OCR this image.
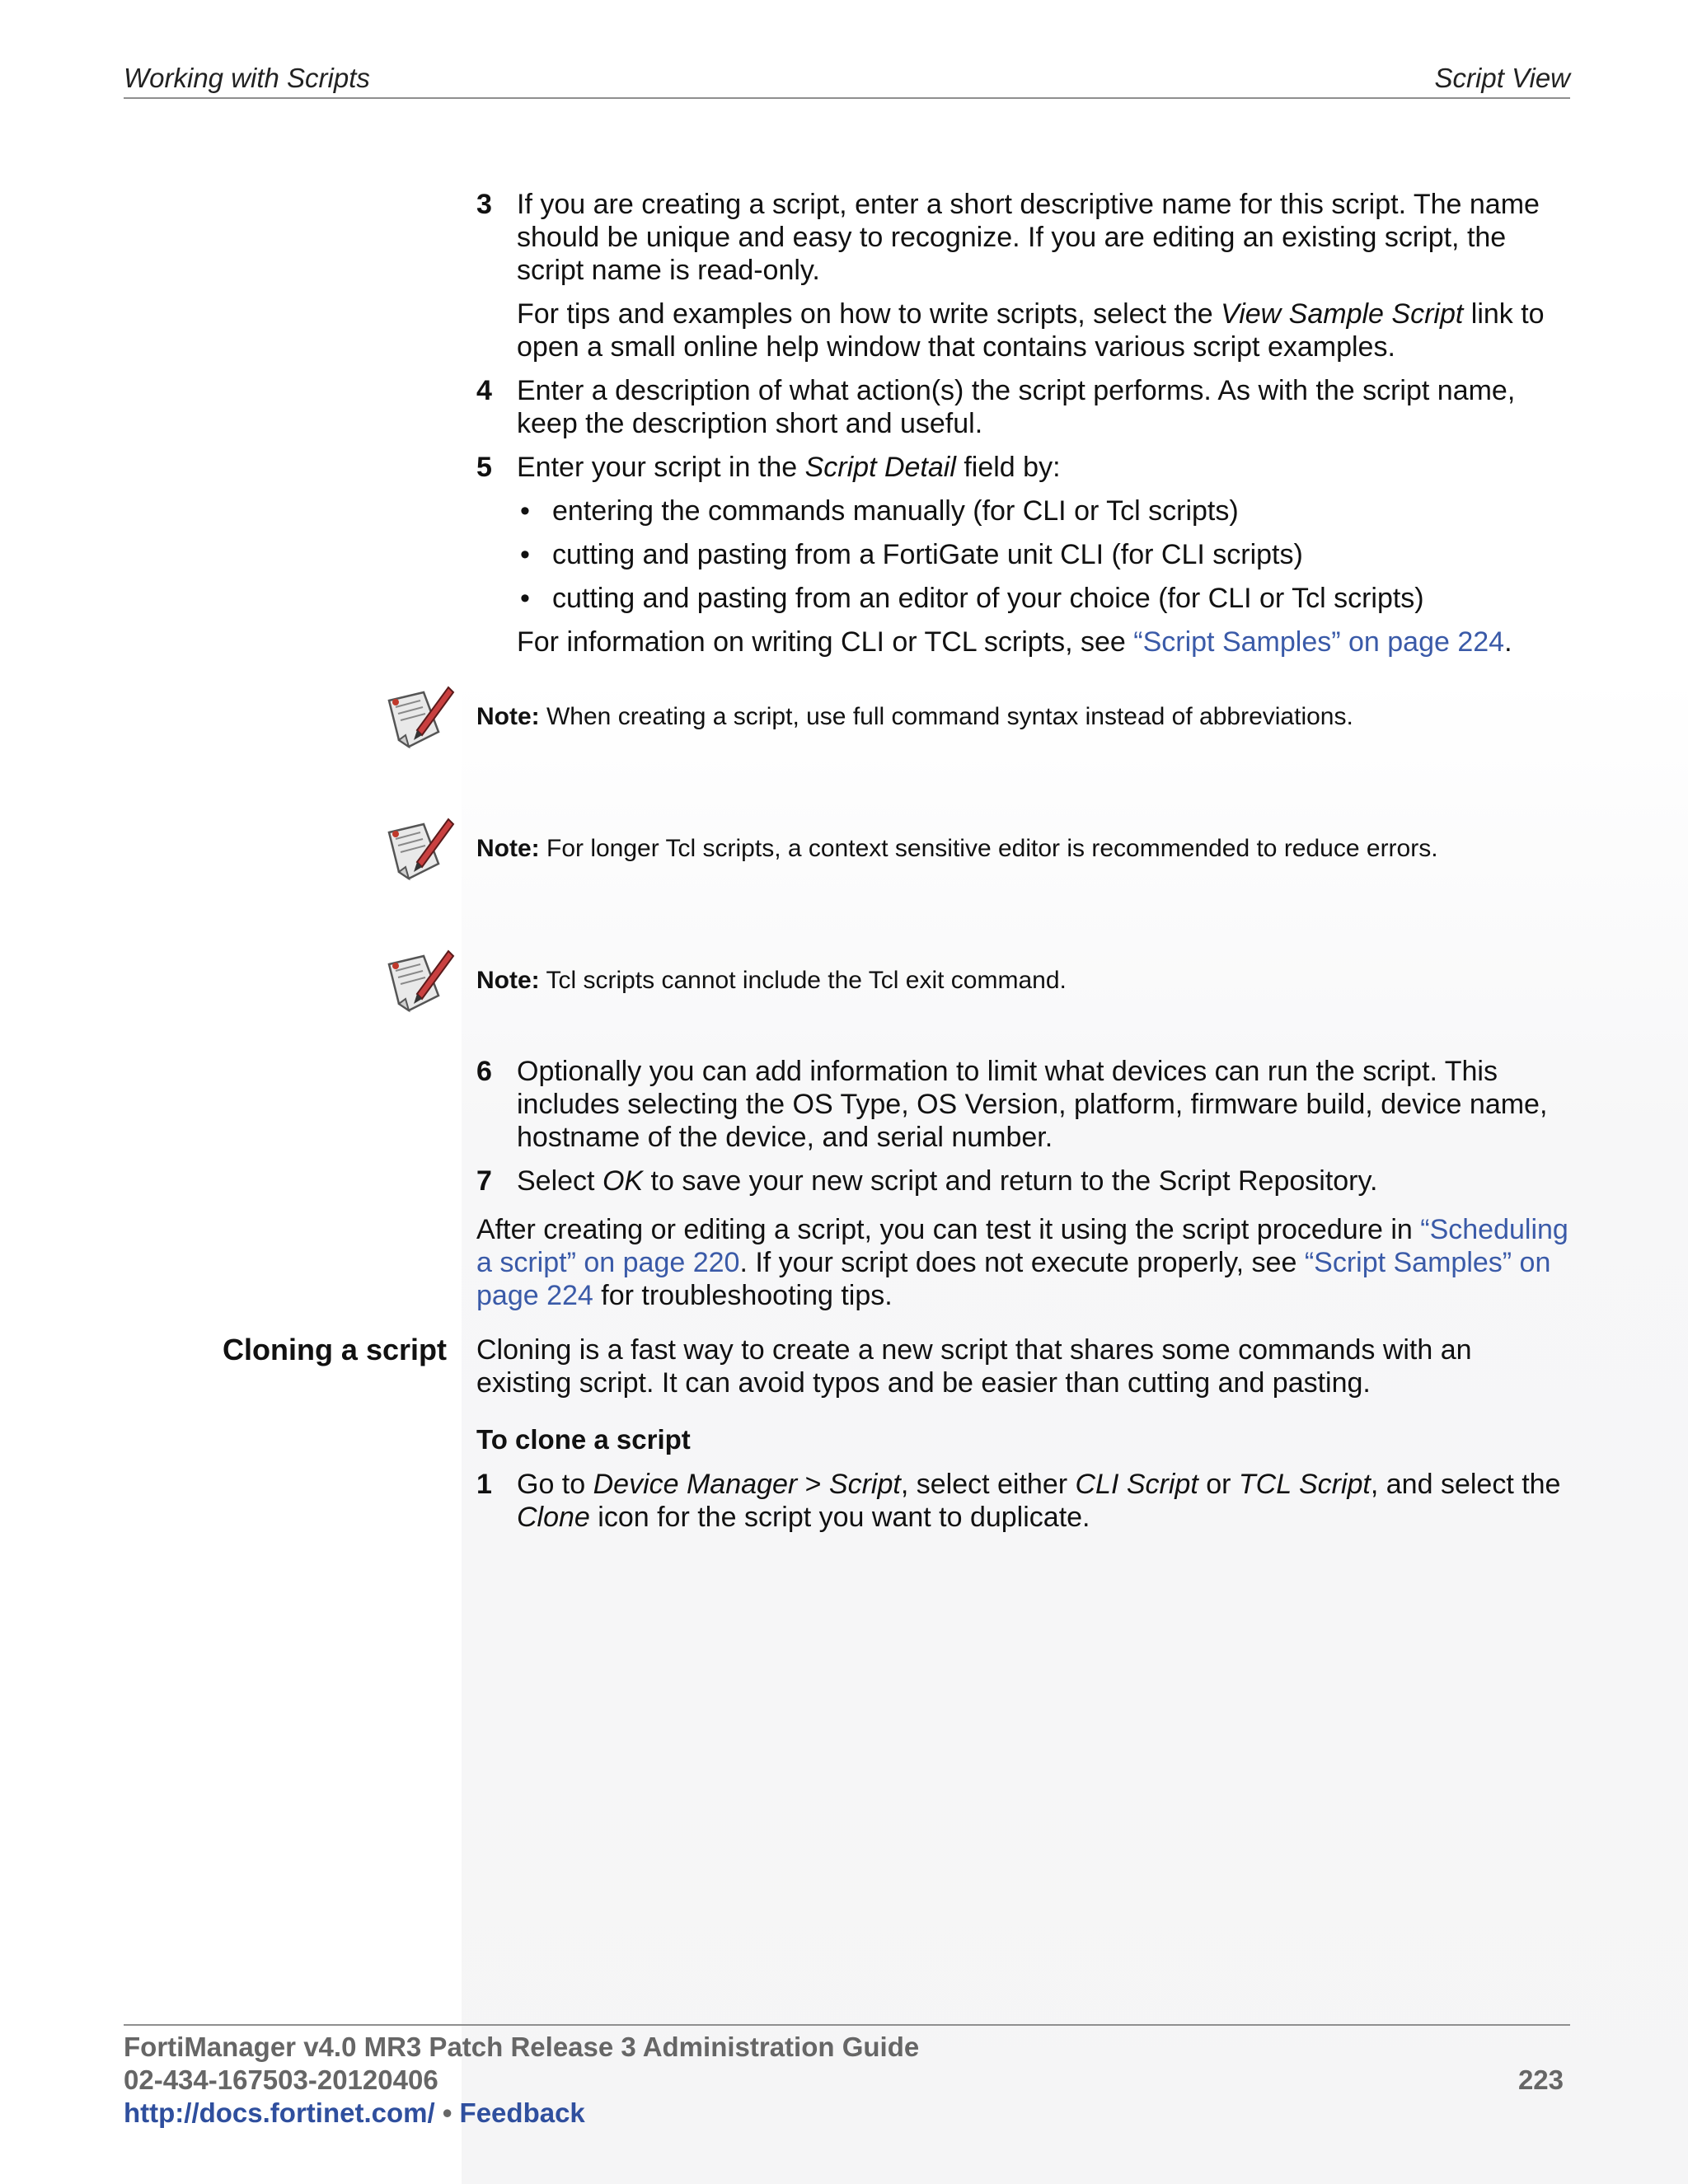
Working with Scripts	Script View
3 If you are creating a script, enter a short descriptive name for this script. The name should be unique and easy to recognize. If you are editing an existing script, the script name is read-only.

For tips and examples on how to write scripts, select the View Sample Script link to open a small online help window that contains various script examples.

4 Enter a description of what action(s) the script performs. As with the script name, keep the description short and useful.

5 Enter your script in the Script Detail field by:

• entering the commands manually (for CLI or Tcl scripts)
• cutting and pasting from a FortiGate unit CLI (for CLI scripts)
• cutting and pasting from an editor of your choice (for CLI or Tcl scripts)

For information on writing CLI or TCL scripts, see “Script Samples” on page 224.

Note: When creating a script, use full command syntax instead of abbreviations.
Note: For longer Tcl scripts, a context sensitive editor is recommended to reduce errors.
Note: Tcl scripts cannot include the Tcl exit command.
6 Optionally you can add information to limit what devices can run the script. This includes selecting the OS Type, OS Version, platform, firmware build, device name, hostname of the device, and serial number.

7 Select OK to save your new script and return to the Script Repository.

After creating or editing a script, you can test it using the script procedure in “Scheduling a script” on page 220. If your script does not execute properly, see “Script Samples” on page 224 for troubleshooting tips.

Cloning a script Cloning is a fast way to create a new script that shares some commands with an existing script. It can avoid typos and be easier than cutting and pasting.

To clone a script
1 Go to Device Manager > Script, select either CLI Script or TCL Script, and select the Clone icon for the script you want to duplicate.

FortiManager v4.0 MR3 Patch Release 3 Administration Guide
02-434-167503-20120406	223
http://docs.fortinet.com/ • Feedback
